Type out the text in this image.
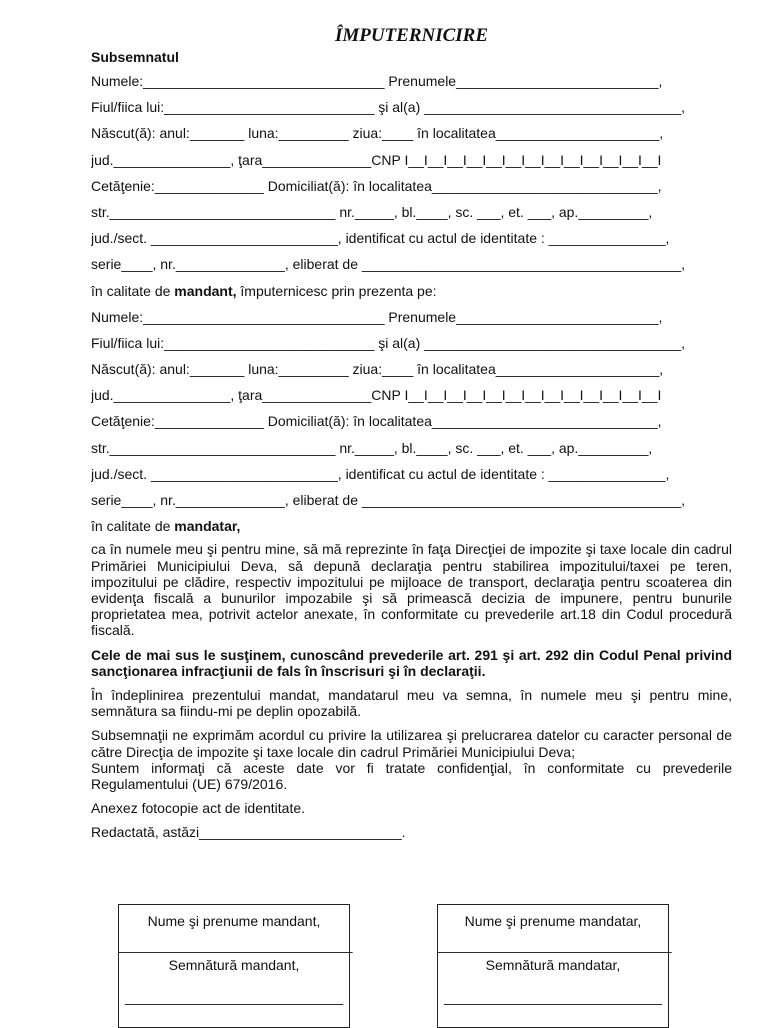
ÎMPUTERNICIRE
Subsemnatul
Numele:_______________________________ Prenumele__________________________,
Fiul/fiica lui:___________________________ şi al(a) _________________________________,
Născut(ă): anul:_______ luna:_________ ziua:____ în localitatea_____________________,
jud._______________, ţara______________CNP I__I__I__I__I__I__I__I__I__I__I__I__I__I
Cetăţenie:______________ Domiciliat(ă): în localitatea_____________________________,
str._____________________________ nr._____, bl.____, sc. ___, et. ___, ap._________,
jud./sect. ________________________, identificat cu actul de identitate : _______________,
serie____, nr.______________, eliberat de _________________________________________,
în calitate de mandant, împuternicesc prin prezenta pe:
Numele:_______________________________ Prenumele__________________________,
Fiul/fiica lui:___________________________ şi al(a) _________________________________,
Născut(ă): anul:_______ luna:_________ ziua:____ în localitatea_____________________,
jud._______________, ţara______________CNP I__I__I__I__I__I__I__I__I__I__I__I__I__I
Cetăţenie:______________ Domiciliat(ă): în localitatea_____________________________,
str._____________________________ nr._____, bl.____, sc. ___, et. ___, ap._________,
jud./sect. ________________________, identificat cu actul de identitate : _______________,
serie____, nr.______________, eliberat de _________________________________________,
în calitate de mandatar,

ca în numele meu şi pentru mine, să mă reprezinte în faţa Direcţiei de impozite şi taxe locale din cadrul Primăriei Municipiului Deva, să depună declaraţia pentru stabilirea impozitului/taxei pe teren, impozitului pe clădire, respectiv impozitului pe mijloace de transport, declaraţia pentru scoaterea din evidenţa fiscală a bunurilor impozabile şi să primească decizia de impunere, pentru bunurile proprietatea mea, potrivit actelor anexate, în conformitate cu prevederile art.18 din Codul procedură fiscală.

Cele de mai sus le susţinem, cunoscând prevederile art. 291 şi art. 292 din Codul Penal privind sancţionarea infracţiunii de fals în înscrisuri şi în declaraţii.

În îndeplinirea prezentului mandat, mandatarul meu va semna, în numele meu şi pentru mine, semnătura sa fiindu-mi pe deplin opozabilă.

Subsemnaţii ne exprimăm acordul cu privire la utilizarea şi prelucrarea datelor cu caracter personal de către Direcţia de impozite şi taxe locale din cadrul Primăriei Municipiului Deva;

Suntem informaţi că aceste date vor fi tratate confidenţial, în conformitate cu prevederile Regulamentului (UE) 679/2016.

Anexez fotocopie act de identitate.

Redactată, astăzi__________________________.

Nume şi prenume mandant,
______________________________
Semnătură mandant,
____________________________
Nume şi prenume mandatar,
______________________________
Semnătură mandatar,
____________________________
